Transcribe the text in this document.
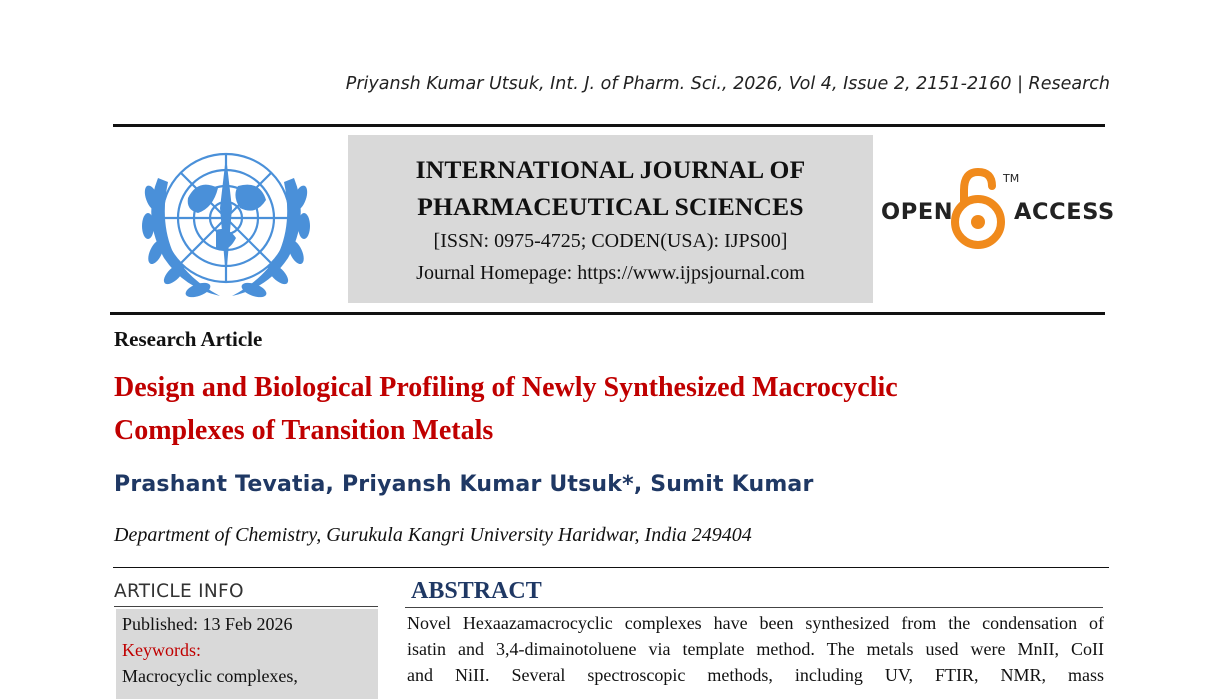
Priyansh Kumar Utsuk, Int. J. of Pharm. Sci., 2026, Vol 4, Issue 2, 2151-2160 | Research
INTERNATIONAL JOURNAL OF
PHARMACEUTICAL SCIENCES
[ISSN: 0975-4725; CODEN(USA): IJPS00]
Journal Homepage: https://www.ijpsjournal.com
OPEN	ACCESS
TM
Research Article
Design and Biological Profiling of Newly Synthesized Macrocyclic
Complexes of Transition Metals
Prashant Tevatia, Priyansh Kumar Utsuk*, Sumit Kumar
Department of Chemistry, Gurukula Kangri University Haridwar, India 249404
ARTICLE INFO
Published: 13 Feb 2026
Keywords:
Macrocyclic complexes,
ABSTRACT
Novel Hexaazamacrocyclic complexes have been synthesized from the condensation of
isatin and 3,4-dimainotoluene via template method. The metals used were MnII, CoII
and NiII. Several spectroscopic methods, including UV, FTIR, NMR, mass
